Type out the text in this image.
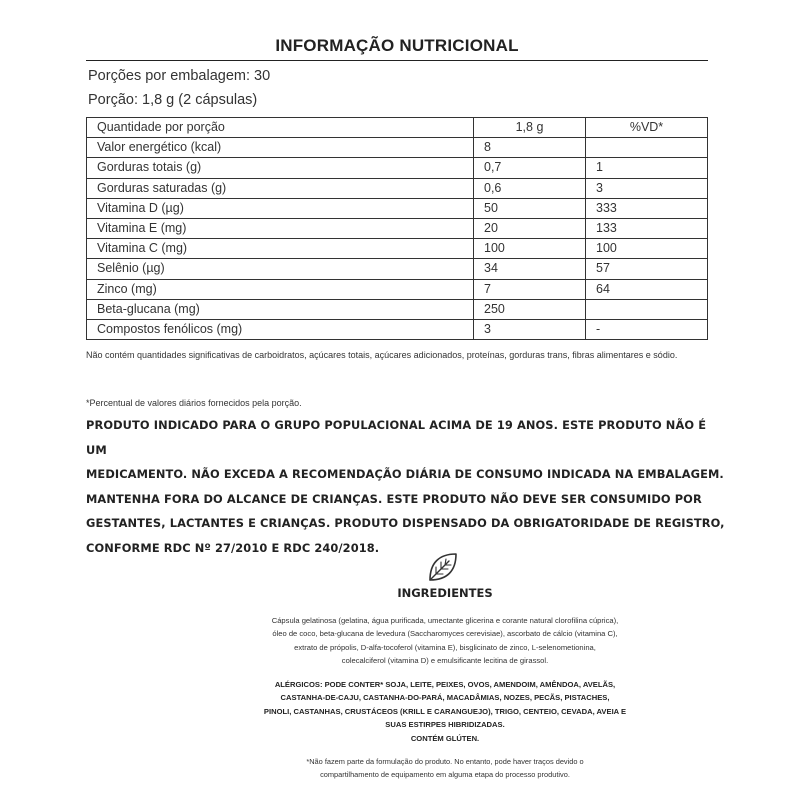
INFORMAÇÃO NUTRICIONAL
Porções por embalagem: 30
Porção: 1,8 g (2 cápsulas)
Quantidade por porção	1,8 g	%VD*
Valor energético (kcal)	8	
Gorduras totais (g)	0,7	1
Gorduras saturadas (g)	0,6	3
Vitamina D (µg)	50	333
Vitamina E (mg)	20	133
Vitamina C (mg)	100	100
Selênio (µg)	34	57
Zinco (mg)	7	64
Beta-glucana (mg)	250	
Compostos fenólicos (mg)	3	-
Não contém quantidades significativas de carboidratos, açúcares totais, açúcares adicionados, proteínas, gorduras trans, fibras alimentares e sódio.
*Percentual de valores diários fornecidos pela porção.
PRODUTO INDICADO PARA O GRUPO POPULACIONAL ACIMA DE 19 ANOS. ESTE PRODUTO NÃO É UM
MEDICAMENTO. NÃO EXCEDA A RECOMENDAÇÃO DIÁRIA DE CONSUMO INDICADA NA EMBALAGEM.
MANTENHA FORA DO ALCANCE DE CRIANÇAS. ESTE PRODUTO NÃO DEVE SER CONSUMIDO POR
GESTANTES, LACTANTES E CRIANÇAS. PRODUTO DISPENSADO DA OBRIGATORIDADE DE REGISTRO,
CONFORME RDC Nº 27/2010 E RDC 240/2018.
INGREDIENTES
Cápsula gelatinosa (gelatina, água purificada, umectante glicerina e corante natural clorofilina cúprica),
óleo de coco, beta-glucana de levedura (Saccharomyces cerevisiae), ascorbato de cálcio (vitamina C),
extrato de própolis, D-alfa-tocoferol (vitamina E), bisglicinato de zinco, L-selenometionina,
colecalciferol (vitamina D) e emulsificante lecitina de girassol.
ALÉRGICOS: PODE CONTER* SOJA, LEITE, PEIXES, OVOS, AMENDOIM, AMÊNDOA, AVELÃS,
CASTANHA-DE-CAJU, CASTANHA-DO-PARÁ, MACADÂMIAS, NOZES, PECÃS, PISTACHES,
PINOLI, CASTANHAS, CRUSTÁCEOS (KRILL E CARANGUEJO), TRIGO, CENTEIO, CEVADA, AVEIA E
SUAS ESTIRPES HIBRIDIZADAS.
CONTÉM GLÚTEN.
*Não fazem parte da formulação do produto. No entanto, pode haver traços devido o
compartilhamento de equipamento em alguma etapa do processo produtivo.
